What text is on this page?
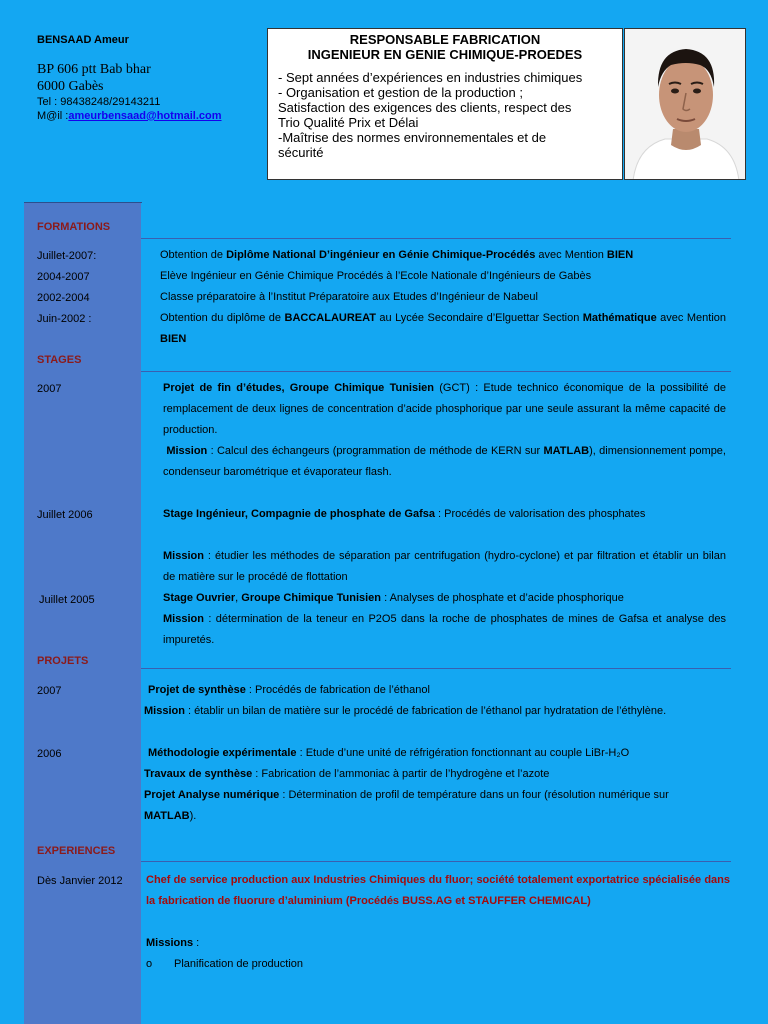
BENSAAD Ameur
BP 606 ptt Bab bhar
6000 Gabès
Tel : 98438248/29143211
M@il :ameurbensaad@hotmail.com
RESPONSABLE FABRICATION
INGENIEUR EN GENIE CHIMIQUE-PROEDES
- Sept années d’expériences en industries chimiques
- Organisation et gestion de la production ;
Satisfaction des exigences des clients, respect des
Trio Qualité Prix et Délai
-Maîtrise des normes environnementales et de
sécurité
FORMATIONS
Juillet-2007:	Obtention de Diplôme National D’ingénieur en Génie Chimique-Procédés avec Mention BIEN
2004-2007	Elève Ingénieur en Génie Chimique Procédés à l’Ecole Nationale d’Ingénieurs de Gabès
2002-2004	Classe préparatoire à l’Institut Préparatoire aux Etudes d’Ingénieur de Nabeul
Juin-2002 :	Obtention du diplôme de BACCALAUREAT au Lycée Secondaire d’Elguettar Section Mathématique avec Mention BIEN
STAGES
2007	Projet de fin d’études, Groupe Chimique Tunisien (GCT) : Etude technico économique de la possibilité de remplacement de deux lignes de concentration d’acide phosphorique par une seule assurant la même capacité de production.
Mission : Calcul des échangeurs (programmation de méthode de KERN sur MATLAB), dimensionnement pompe, condenseur barométrique et évaporateur flash.
Juillet 2006	Stage Ingénieur, Compagnie de phosphate de Gafsa : Procédés de valorisation des phosphates
Mission : étudier les méthodes de séparation par centrifugation (hydro-cyclone) et par filtration et établir un bilan de matière sur le procédé de flottation
Juillet 2005	Stage Ouvrier, Groupe Chimique Tunisien : Analyses de phosphate et d’acide phosphorique
Mission : détermination de la teneur en P2O5 dans la roche de phosphates de mines de Gafsa et analyse des impuretés.
PROJETS
2007	Projet de synthèse : Procédés de fabrication de l’éthanol
Mission : établir un bilan de matière sur le procédé de fabrication de l’éthanol par hydratation de l’éthylène.
2006	Méthodologie expérimentale : Etude d’une unité de réfrigération fonctionnant au couple LiBr-H₂O
Travaux de synthèse : Fabrication de l’ammoniac à partir de l’hydrogène et l’azote
Projet Analyse numérique : Détermination de profil de température dans un four (résolution numérique sur MATLAB).
EXPERIENCES
Dès Janvier 2012 Chef de service production aux Industries Chimiques du fluor; société totalement exportatrice spécialisée dans la fabrication de fluorure d’aluminium (Procédés BUSS.AG et STAUFFER CHEMICAL)
Missions :
o Planification de production
